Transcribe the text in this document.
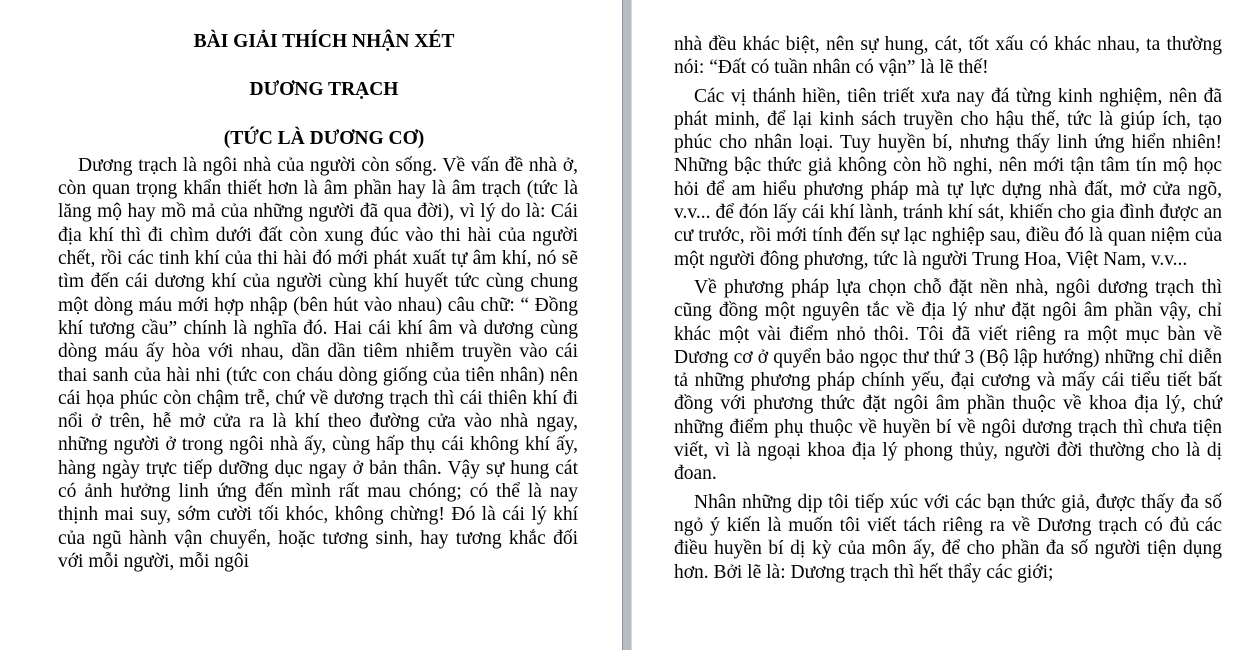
BÀI GIẢI THÍCH NHẬN XÉT

DƯƠNG TRẠCH

(TỨC LÀ DƯƠNG CƠ)

Dương trạch là ngôi nhà của người còn sống. Về vấn đề nhà ở, còn quan trọng khẩn thiết hơn là âm phần hay là âm trạch (tức là lăng mộ hay mồ mả của những người đã qua đời), vì lý do là: Cái địa khí thì đi chìm dưới đất còn xung đúc vào thi hài của người chết, rồi các tinh khí của thi hài đó mới phát xuất tự âm khí, nó sẽ tìm đến cái dương khí của người cùng khí huyết tức cùng chung một dòng máu mới hợp nhập (bên hút vào nhau) câu chữ: “ Đồng khí tương cầu” chính là nghĩa đó. Hai cái khí âm và dương cùng dòng máu ấy hòa với nhau, dần dần tiêm nhiễm truyền vào cái thai sanh của hài nhi (tức con cháu dòng giống của tiên nhân) nên cái họa phúc còn chậm trễ, chứ về dương trạch thì cái thiên khí đi nổi ở trên, hễ mở cửa ra là khí theo đường cửa vào nhà ngay, những người ở trong ngôi nhà ấy, cùng hấp thụ cái không khí ấy, hàng ngày trực tiếp dưỡng dục ngay ở bản thân. Vậy sự hung cát có ảnh hưởng linh ứng đến mình rất mau chóng; có thể là nay thịnh mai suy, sớm cười tối khóc, không chừng! Đó là cái lý khí của ngũ hành vận chuyển, hoặc tương sinh, hay tương khắc đối với mỗi người, mỗi ngôi

nhà đều khác biệt, nên sự hung, cát, tốt xấu có khác nhau, ta thường nói: “Đất có tuần nhân có vận” là lẽ thế!

Các vị thánh hiền, tiên triết xưa nay đá từng kinh nghiệm, nên đã phát minh, để lại kinh sách truyền cho hậu thế, tức là giúp ích, tạo phúc cho nhân loại. Tuy huyền bí, nhưng thấy linh ứng hiển nhiên! Những bậc thức giả không còn hồ nghi, nên mới tận tâm tín mộ học hỏi để am hiểu phương pháp mà tự lực dựng nhà đất, mở cửa ngõ, v.v... để đón lấy cái khí lành, tránh khí sát, khiến cho gia đình được an cư trước, rồi mới tính đến sự lạc nghiệp sau, điều đó là quan niệm của một người đông phương, tức là người Trung Hoa, Việt Nam, v.v...

Về phương pháp lựa chọn chỗ đặt nền nhà, ngôi dương trạch thì cũng đồng một nguyên tắc về địa lý như đặt ngôi âm phần vậy, chỉ khác một vài điểm nhỏ thôi. Tôi đã viết riêng ra một mục bàn về Dương cơ ở quyển bảo ngọc thư thứ 3 (Bộ lập hướng) những chỉ diễn tả những phương pháp chính yếu, đại cương và mấy cái tiểu tiết bất đồng với phương thức đặt ngôi âm phần thuộc về khoa địa lý, chứ những điểm phụ thuộc về huyền bí về ngôi dương trạch thì chưa tiện viết, vì là ngoại khoa địa lý phong thủy, người đời thường cho là dị đoan.

Nhân những dịp tôi tiếp xúc với các bạn thức giả, được thấy đa số ngỏ ý kiến là muốn tôi viết tách riêng ra về Dương trạch có đủ các điều huyền bí dị kỳ của môn ấy, để cho phần đa số người tiện dụng hơn. Bởi lẽ là: Dương trạch thì hết thẩy các giới;
